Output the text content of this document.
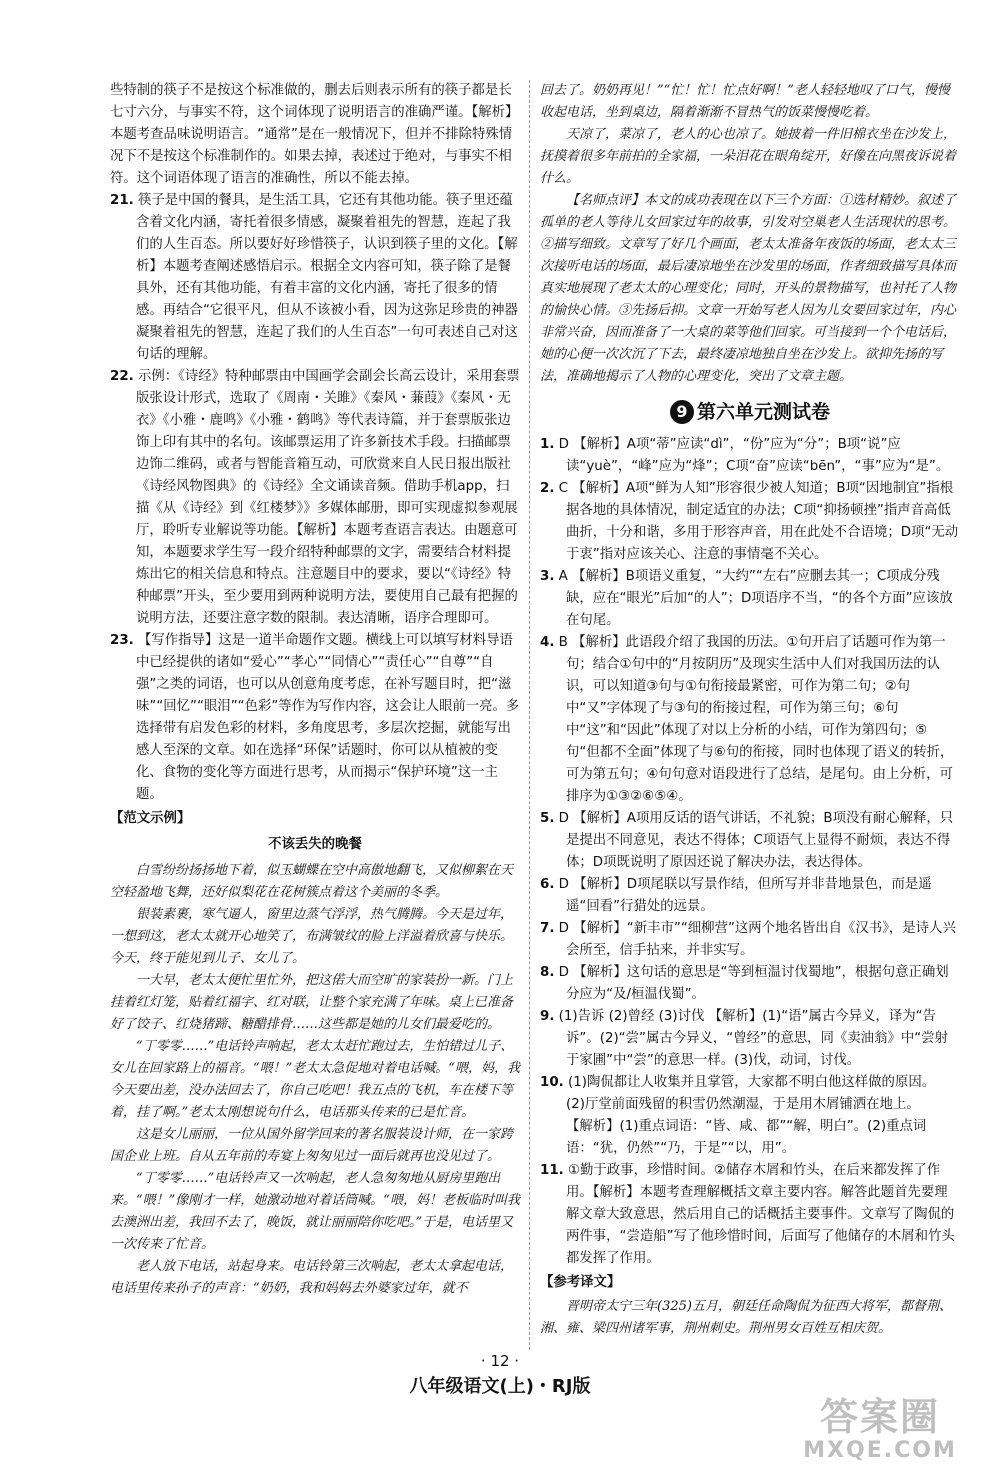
些特制的筷子不是按这个标准做的，删去后则表示所有的筷子都是长七寸六分，与事实不符，这个词体现了说明语言的准确严谨。【解析】本题考查品味说明语言。“通常”是在一般情况下，但并不排除特殊情况下不是按这个标准制作的。如果去掉，表述过于绝对，与事实不相符。这个词语体现了语言的准确性，所以不能去掉。

21. 筷子是中国的餐具，是生活工具，它还有其他功能。筷子里还蕴含着文化内涵，寄托着很多情感，凝聚着祖先的智慧，连起了我们的人生百态。所以要好好珍惜筷子，认识到筷子里的文化。【解析】本题考查阐述感悟启示。根据全文内容可知，筷子除了是餐具外，还有其他功能，有着丰富的文化内涵，寄托了很多的情感。再结合“它很平凡，但从不该被小看，因为这弥足珍贵的神器凝聚着祖先的智慧，连起了我们的人生百态”一句可表述自己对这句话的理解。

22. 示例：《诗经》特种邮票由中国画学会副会长高云设计，采用套票版张设计形式，选取了《周南・关雎》《秦风・蒹葭》《秦风・无衣》《小雅・鹿鸣》《小雅・鹤鸣》等代表诗篇，并于套票版张边饰上印有其中的名句。该邮票运用了许多新技术手段。扫描邮票边饰二维码，或者与智能音箱互动，可欣赏来自人民日报出版社《诗经风物图典》的《诗经》全文诵读音频。借助手机app，扫描《从《诗经》到《红楼梦》》多媒体邮册，即可实现虚拟参观展厅，聆听专业解说等功能。【解析】本题考查语言表达。由题意可知，本题要求学生写一段介绍特种邮票的文字，需要结合材料提炼出它的相关信息和特点。注意题目中的要求，要以“《诗经》特种邮票”开头，至少要用到两种说明方法，要使用自己最有把握的说明方法，还要注意字数的限制。表达清晰，语序合理即可。

23. 【写作指导】这是一道半命题作文题。横线上可以填写材料导语中已经提供的诸如“爱心”“孝心”“同情心”“责任心”“自尊”“自强”之类的词语，也可以从创意角度考虑，在补写题目时，把“滋味”“回忆”“眼泪”“色彩”等作为写作内容，这会让人眼前一亮。多选择带有启发色彩的材料，多角度思考，多层次挖掘，就能写出感人至深的文章。如在选择“环保”话题时，你可以从植被的变化、食物的变化等方面进行思考，从而揭示“保护环境”这一主题。

【范文示例】

不该丢失的晚餐

白雪纷纷扬扬地下着，似玉蝴蝶在空中高傲地翻飞，又似柳絮在天空轻盈地飞舞，还好似梨花在花树簇点着这个美丽的冬季。

银装素裹，寒气逼人，窗里边蒸气浮浮，热气腾腾。今天是过年，一想到这，老太太就开心地笑了，布满皱纹的脸上洋溢着欣喜与快乐。今天，终于能见到儿子、女儿了。

一大早，老太太便忙里忙外，把这偌大而空旷的家装扮一新。门上挂着红灯笼，贴着红福字、红对联，让整个家充满了年味。桌上已准备好了饺子、红烧猪蹄、糖醋排骨……这些都是她的儿女们最爱吃的。

“丁零零……”电话铃声响起，老太太赶忙跑过去，生怕错过儿子、女儿在回家路上的福音。“喂！”老太太急促地对着电话喊。“喂，妈，我今天要出差，没办法回去了，你自己吃吧！我五点的飞机，车在楼下等着，挂了啊。”老太太刚想说句什么，电话那头传来的已是忙音。

这是女儿丽丽，一位从国外留学回来的著名服装设计师，在一家跨国企业上班。自从五年前的寿宴上匆匆见过一面后就再也没见过了。

“丁零零……”电话铃声又一次响起，老人急匆匆地从厨房里跑出来。“喂！”像刚才一样，她激动地对着话筒喊。“喂，妈！老板临时叫我去澳洲出差，我回不去了，晚饭，就让丽丽陪你吃吧。”于是，电话里又一次传来了忙音。

老人放下电话，站起身来。电话铃第三次响起，老太太拿起电话，电话里传来孙子的声音：“奶奶，我和妈妈去外婆家过年，就不

回去了。奶奶再见！”“忙！忙！忙点好啊！”老人轻轻地叹了口气，慢慢收起电话，坐到桌边，隔着渐渐不冒热气的饭菜慢慢吃着。

天凉了，菜凉了，老人的心也凉了。她披着一件旧棉衣坐在沙发上，抚摸着很多年前拍的全家福，一朵泪花在眼角绽开，好像在向黑夜诉说着什么。

【名师点评】本文的成功表现在以下三个方面：①选材精妙。叙述了孤单的老人等待儿女回家过年的故事，引发对空巢老人生活现状的思考。②描写细致。文章写了好几个画面，老太太准备年夜饭的场面，老太太三次接听电话的场面，最后凄凉地坐在沙发里的场面，作者细致描写具体而真实地展现了老太太的心理变化；同时，开头的景物描写，也衬托了人物的愉快心情。③先扬后抑。文章一开始写老人因为儿女要回家过年，内心非常兴奋，因而准备了一大桌的菜等他们回家。可当接到一个个电话后，她的心便一次次沉了下去，最终凄凉地独自坐在沙发上。欲抑先扬的写法，准确地揭示了人物的心理变化，突出了文章主题。

9 第六单元测试卷

1. D 【解析】A项“蒂”应读“dì”，“份”应为“分”；B项“说”应读“yuè”，“峰”应为“烽”；C项“奋”应读“bēn”，“事”应为“是”。

2. C 【解析】A项“鲜为人知”形容很少被人知道；B项“因地制宜”指根据各地的具体情况，制定适宜的办法；C项“抑扬顿挫”指声音高低曲折，十分和谐，多用于形容声音，用在此处不合语境；D项“无动于衷”指对应该关心、注意的事情毫不关心。

3. A 【解析】B项语义重复，“大约”“左右”应删去其一；C项成分残缺，应在“眼光”后加“的人”；D项语序不当，“的各个方面”应该放在句尾。

4. B 【解析】此语段介绍了我国的历法。①句开启了话题可作为第一句；结合①句中的“月按阴历”及现实生活中人们对我国历法的认识，可以知道③句与①句衔接最紧密，可作为第二句；②句中“又”字体现了与③句的衔接过程，可作为第三句；⑥句中“这”和“因此”体现了对以上分析的小结，可作为第四句；⑤句“但都不全面”体现了与⑥句的衔接，同时也体现了语义的转折，可为第五句；④句句意对语段进行了总结，是尾句。由上分析，可排序为①③②⑥⑤④。

5. D 【解析】A项用反话的语气讲话，不礼貌；B项没有耐心解释，只是提出不同意见，表达不得体；C项语气上显得不耐烦，表达不得体；D项既说明了原因还说了解决办法，表达得体。

6. D 【解析】D项尾联以写景作结，但所写并非昔地景色，而是遥遥“回看”行猎处的远景。

7. D 【解析】“新丰市”“细柳营”这两个地名皆出自《汉书》，是诗人兴会所至，信手拈来，并非实写。

8. D 【解析】这句话的意思是“等到桓温讨伐蜀地”，根据句意正确划分应为“及/桓温伐蜀”。

9. (1)告诉 (2)曾经 (3)讨伐 【解析】(1)“语”属古今异义，译为“告诉”。(2)“尝”属古今异义，“曾经”的意思，同《卖油翁》中“尝射于家圃”中“尝”的意思一样。(3)伐，动词，讨伐。

10. (1)陶侃都让人收集并且掌管，大家都不明白他这样做的原因。

(2)厅堂前面残留的积雪仍然潮湿，于是用木屑铺洒在地上。

【解析】(1)重点词语：“皆、咸、都”“解，明白”。(2)重点词语：“犹，仍然”“乃，于是”“以，用”。

11. ①勤于政事，珍惜时间。②储存木屑和竹头，在后来都发挥了作用。【解析】本题考查理解概括文章主要内容。解答此题首先要理解文章大致意思，然后用自己的话概括主要事件。文章写了陶侃的两件事，“尝造船”写了他珍惜时间，后面写了他储存的木屑和竹头都发挥了作用。

【参考译文】

晋明帝太宁三年(325)五月，朝廷任命陶侃为征西大将军，都督荆、湘、雍、梁四州诸军事，荆州刺史。荆州男女百姓互相庆贺。

· 12 ·
八年级语文(上)・RJ版
答案圈
MXQE.COM
